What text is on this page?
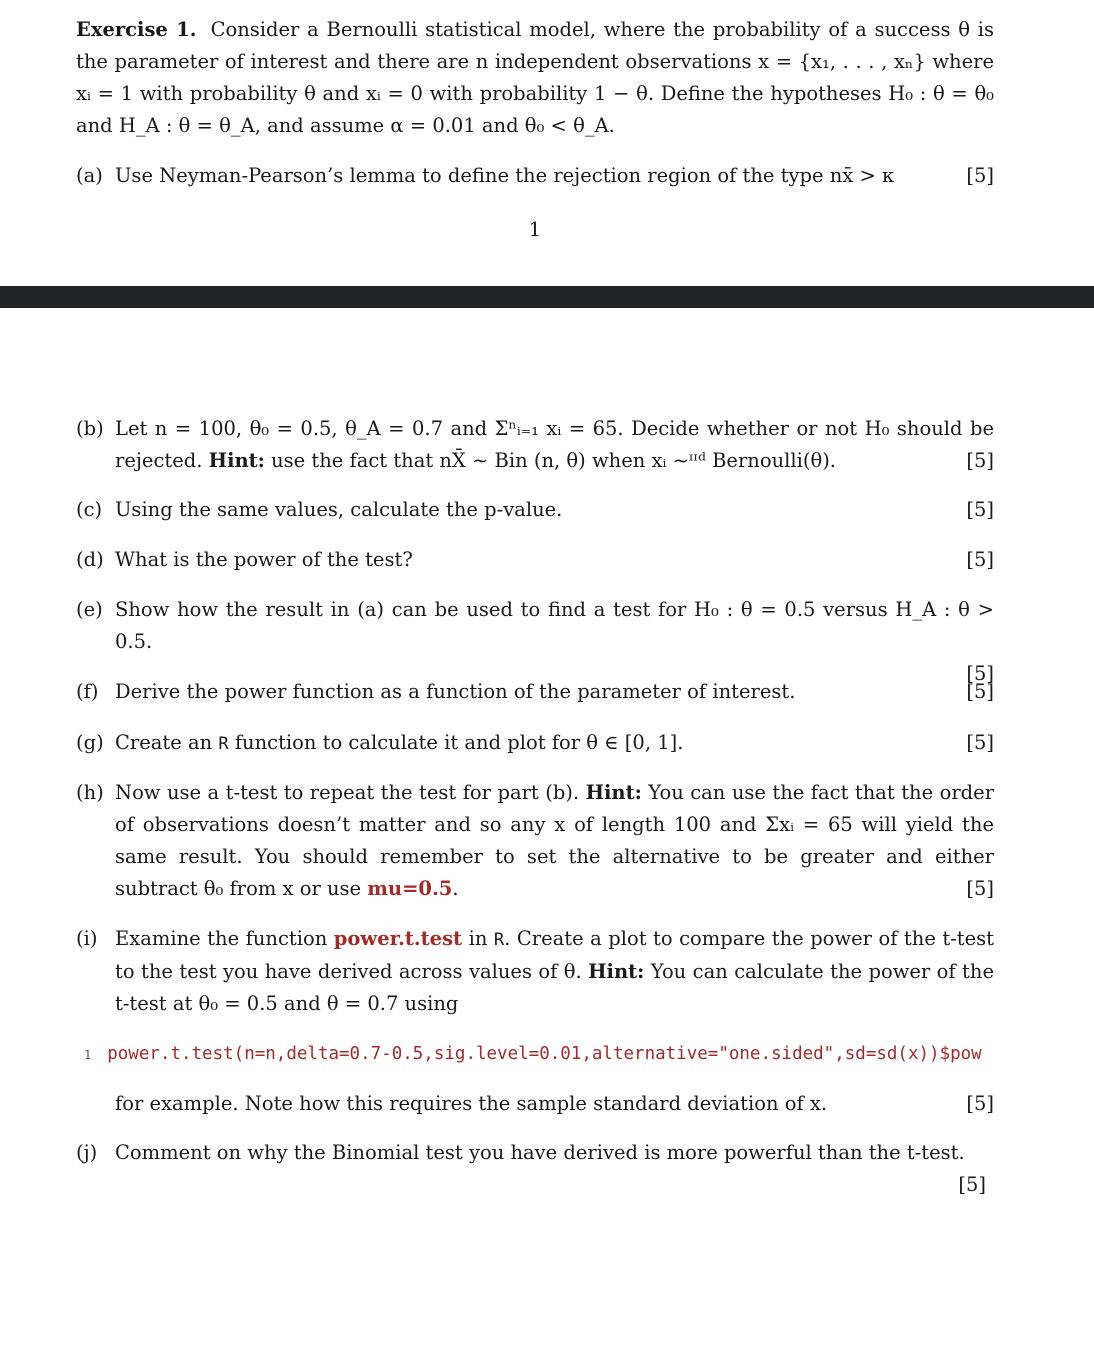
Exercise 1. Consider a Bernoulli statistical model, where the probability of a success θ is the parameter of interest and there are n independent observations x = {x₁, . . . , xₙ} where xᵢ = 1 with probability θ and xᵢ = 0 with probability 1 − θ. Define the hypotheses H₀ : θ = θ₀ and H_A : θ = θ_A, and assume α = 0.01 and θ₀ < θ_A.
(a)	[5]
Use Neyman-Pearson’s lemma to define the rejection region of the type nx̄ > κ
1
(b) Let n = 100, θ₀ = 0.5, θ_A = 0.7 and Σⁿᵢ₌₁ xᵢ = 65. Decide whether or not H₀ should be rejected. Hint: use the fact that nX̄ ∼ Bin (n, θ) when xᵢ ~ᶦᶦᵈ Bernoulli(θ).	[5]
(c)	[5]
Using the same values, calculate the p-value.
(d)	[5]
What is the power of the test?
(e) Show how the result in (a) can be used to find a test for H₀ : θ = 0.5 versus H_A : θ > 0.5.
[5]
(f)	[5]
Derive the power function as a function of the parameter of interest.
(g)	[5]
Create an R function to calculate it and plot for θ ∈ [0, 1].
(h) Now use a t-test to repeat the test for part (b). Hint: You can use the fact that the order of observations doesn’t matter and so any x of length 100 and Σxᵢ = 65 will yield the same result. You should remember to set the alternative to be greater and either subtract θ₀ from x or use mu=0.5.	[5]
(i) Examine the function power.t.test in R. Create a plot to compare the power of the t-test to the test you have derived across values of θ. Hint: You can calculate the power of the t-test at θ₀ = 0.5 and θ = 0.7 using
1 power.t.test(n=n,delta=0.7-0.5,sig.level=0.01,alternative="one.sided",sd=sd(x))$pow
[5]
for example. Note how this requires the sample standard deviation of x.
(j) Comment on why the Binomial test you have derived is more powerful than the t-test.
[5]
